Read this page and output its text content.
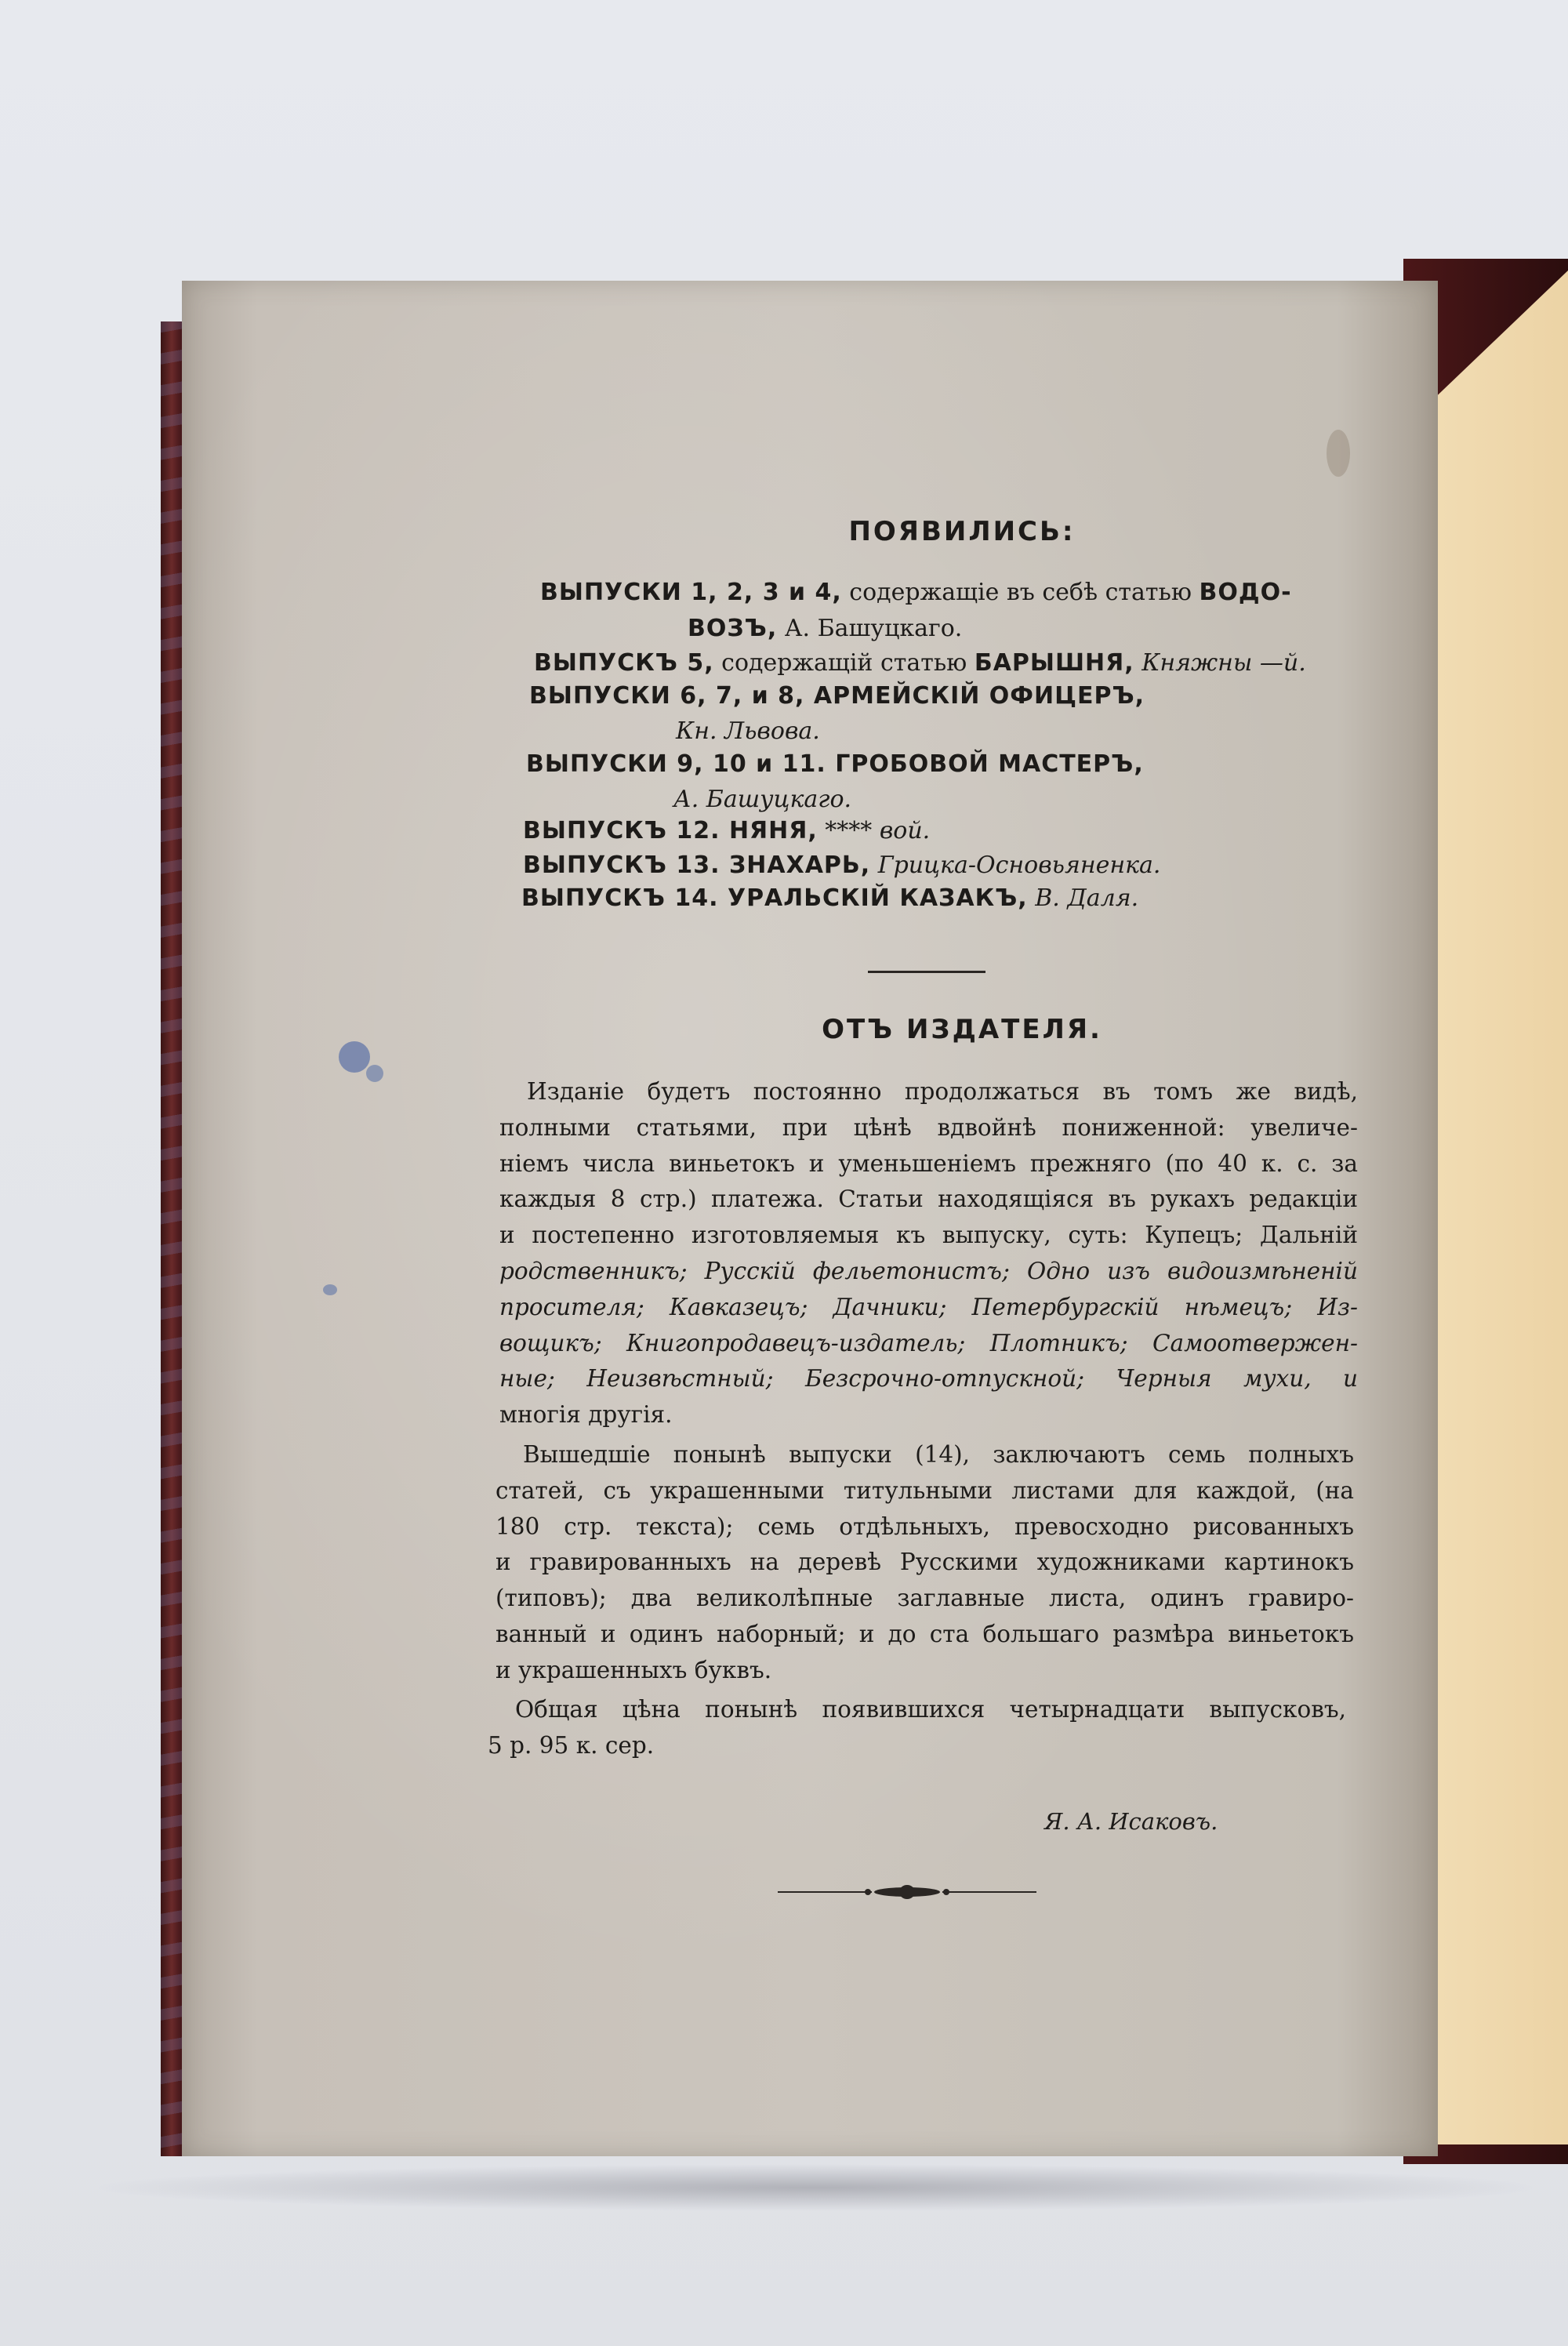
ПОЯВИЛИСЬ:
ВЫПУСКИ 1, 2, 3 и 4, содержащіе въ себѣ статью ВОДО-
ВОЗЪ, А. Башуцкаго.
ВЫПУСКЪ 5, содержащій статью БАРЫШНЯ, Княжны —й.
ВЫПУСКИ 6, 7, и 8, АРМЕЙСКІЙ ОФИЦЕРЪ,
Кн. Львова.
ВЫПУСКИ 9, 10 и 11. ГРОБОВОЙ МАСТЕРЪ,
А. Башуцкаго.
ВЫПУСКЪ 12. НЯНЯ, **** вой.
ВЫПУСКЪ 13. ЗНАХАРЬ, Грицка-Основьяненка.
ВЫПУСКЪ 14. УРАЛЬСКІЙ КАЗАКЪ, В. Даля.
ОТЪ ИЗДАТЕЛЯ.
Изданіе будетъ постоянно продолжаться въ томъ же видѣ,
полными статьями, при цѣнѣ вдвойнѣ пониженной: увеличе-
ніемъ числа виньетокъ и уменьшеніемъ прежняго (по 40 к. с. за
каждыя 8 стр.) платежа. Статьи находящіяся въ рукахъ редакціи
и постепенно изготовляемыя къ выпуску, суть: Купецъ; Дальній
родственникъ; Русскій фельетонистъ; Одно изъ видоизмѣненій
просителя; Кавказецъ; Дачники; Петербургскій нѣмецъ; Из-
вощикъ; Книгопродавецъ-издатель; Плотникъ; Самоотвержен-
ные; Неизвѣстный; Безсрочно-отпускной; Черныя мухи, и
многія другія.
Вышедшіе понынѣ выпуски (14), заключаютъ семь полныхъ
статей, съ украшенными титульными листами для каждой, (на
180 стр. текста); семь отдѣльныхъ, превосходно рисованныхъ
и гравированныхъ на деревѣ Русскими художниками картинокъ
(типовъ); два великолѣпные заглавные листа, одинъ гравиро-
ванный и одинъ наборный; и до ста большаго размѣра виньетокъ
и украшенныхъ буквъ.
Общая цѣна понынѣ появившихся четырнадцати выпусковъ,
5 р. 95 к. сер.
Я. А. Исаковъ.
